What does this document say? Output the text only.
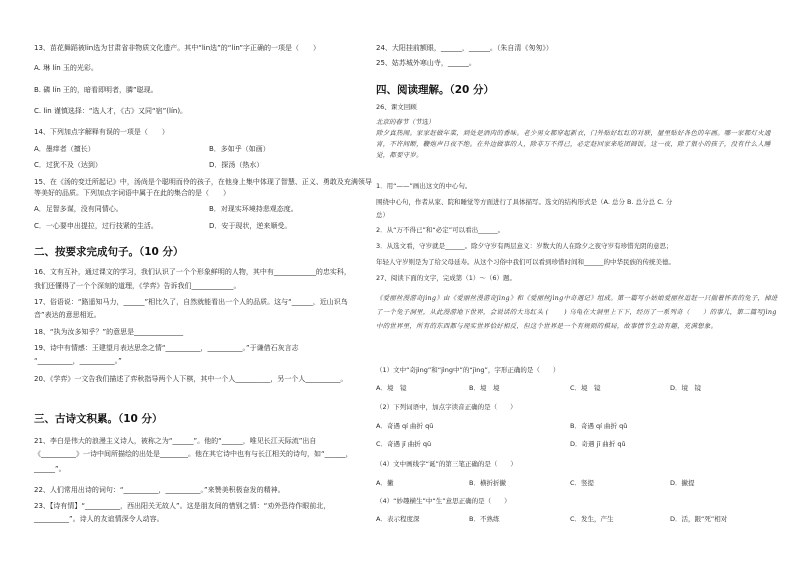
13、苗花舞蹈被lin选为甘肃省非物质文化遗产。其中“lin选”的“lin”字正确的一项是（　　）
A. 琳 lín 玉的光彩。
B. 磷 lín 王的，暗看即明者，膦”聪现。
C. lin 谨慎选择：“选人才，《古》又同“宿”(lín)。
14、下列加点字解释有误的一项是（　　）
A．墨痒者（擅长）	B．多如乎（如画）
C．过犹不及（达到）	D．探汤（热水）
15、在《汤的变迁所起记》中，汤尚是个聪明而伶的孩子，在他身上集中体现了智慧、正义、勇敢及充满领导
等美好的品质。下列加点字词语中属于在此的集合的是（　　）
A．足智多谋，没有同情心。	B．对现实环境持悲观态度。
C．一心要申出提拉，过行技紧的生活。	D．安于现状，逆来顺受。
二、按要求完成句子。（10 分）
16、文有互补，通过课文的学习，我们认识了一个个形象鲜明的人物，其中有____________的忠实科，
我们还懂得了一个个深刻的道理，《学弈》告诉我们____________。
17、俗语说：“路遥知马力，______”相比久了，自然就能看出一个人的品质。这与“______，近山识鸟
音”表达的意思相近。
18、“执为汝多知乎？”的意思是______________
19、诗中有情感：王建望月表达思念之情“__________，__________。”于谦借石灰言志
“__________，__________。”
20、《学弈》一文告我们描述了弈秋指导两个人下棋，其中一个人__________，另一个人__________。
三、古诗文积累。（10 分）
21、李白是伟大的浪漫主义诗人，被称之为“______”。他的“______，唯见长江天际流”出自
《__________》一诗中间所描绘的出处是________。他在其它诗中也有与长江相关的诗句，如“______，
______”。
22、人们常用出诗的词句：“__________，__________。”来赞美积极奋发的精神。
23、【诗有情】“__________，西出阳关无故人”。这是朋友间的惜别之情：“劝外恐待作眼前北，
__________”。诗人的友谊情深令人动容。
24、大阳挂前额眼，______，______。（朱自清《匆匆》）
25、姑苏城外寒山寺，______。
四、阅读理解。（20 分）
26、课文回顾
北京的春节（节选）
除夕真热闹。家家赶做年菜，到处是酒肉的香味。老少男女都穿起新衣，门外贴好红红的对联，屋里贴好各色的年画。哪一家都灯火通宵，不许间断，鞭炮声日夜不绝。在外边做事的人，除非万不得已，必定赶回家来吃团圆饭。这一夜，除了很小的孩子，没有什么人睡觉，都要守岁。
1．用“——”画出这文的中心句。
围绕中心句，作者从家、院和睡觉等方面进行了具体描写。选文的结构形式是（A. 总分 B. 总分总 C. 分
总）
2．从“万不得已”和“必定”可以看出______。
3．从选文看，守岁就是______。除夕守岁有两层意义：岁数大的人在除夕之夜守岁有珍惜光阴的意思；
年轻人守岁则是为了给父母延寿。从这个习俗中我们可以看到珍惜时间和______的中华民族的传统美德。
27、阅读下面的文字，完成第（1）～（6）题。
《爱丽丝漫游奇jìng》由《爱丽丝漫游奇jìng》和《爱丽丝jìng中奇遇记》组成。第一篇写小姑娘爱丽丝追赶一只揣着怀表的兔子，掉进了一个兔子洞里，从此漫游地下世界，会说话的大鸟红头 ( 　　) 乌龟在大洞里上下下，经历了一系列奇（　　）的事儿，第二篇写jìng中的世界里，所有的东西都与现实世界恰好相反，但这个世界是一个有规则的棋局，故事情节生动有趣，充满想象。
（1）文中“奇jìng”和“jìng中”的“jìng”，字形正确的是（　　）
A．境　镜	B．境　境	C．境　镜	D．境　镜
（2）下列词语中，加点字读音正确的是（　　）
A．奇遇 qí 曲折 qū	B．奇遇 qí 曲折 qǔ
C．奇遇 jī 曲折 qū	D．奇遇 jī 曲折 qǔ
（4）文中画线字“诞”的第三笔正确的是（　　）
A．撇	B．横折折撇	C．竖提	D．撇提
（4）“妙趣横生”中“生”意思正确的是（　　）
A．表示程度深	B．不熟练	C．发生，产生	D．活，跟“死”相对
